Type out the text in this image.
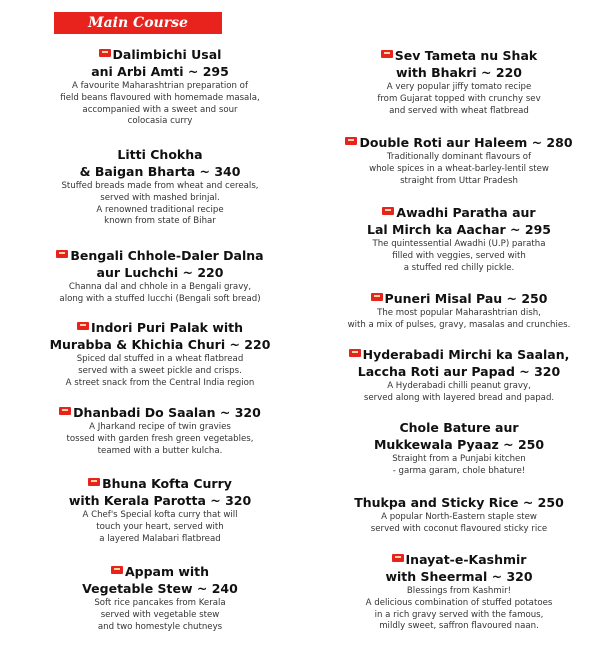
Main Course
Dalimbichi Usal
ani Arbi Amti ~ 295
A favourite Maharashtrian preparation of
field beans flavoured with homemade masala,
accompanied with a sweet and sour
colocasia curry
Litti Chokha
& Baigan Bharta ~ 340
Stuffed breads made from wheat and cereals,
served with mashed brinjal.
A renowned traditional recipe
known from state of Bihar
Bengali Chhole-Daler Dalna
aur Luchchi ~ 220
Channa dal and chhole in a Bengali gravy,
along with a stuffed lucchi (Bengali soft bread)
Indori Puri Palak with
Murabba & Khichia Churi ~ 220
Spiced dal stuffed in a wheat flatbread
served with a sweet pickle and crisps.
A street snack from the Central India region
Dhanbadi Do Saalan ~ 320
A Jharkand recipe of twin gravies
tossed with garden fresh green vegetables,
teamed with a butter kulcha.
Bhuna Kofta Curry
with Kerala Parotta ~ 320
A Chef's Special kofta curry that will
touch your heart, served with
a layered Malabari flatbread
Appam with
Vegetable Stew ~ 240
Soft rice pancakes from Kerala
served with vegetable stew
and two homestyle chutneys
Sev Tameta nu Shak
with Bhakri ~ 220
A very popular jiffy tomato recipe
from Gujarat topped with crunchy sev
and served with wheat flatbread
Double Roti aur Haleem ~ 280
Traditionally dominant flavours of
whole spices in a wheat-barley-lentil stew
straight from Uttar Pradesh
Awadhi Paratha aur
Lal Mirch ka Aachar ~ 295
The quintessential Awadhi (U.P) paratha
filled with veggies, served with
a stuffed red chilly pickle.
Puneri Misal Pau ~ 250
The most popular Maharashtrian dish,
with a mix of pulses, gravy, masalas and crunchies.
Hyderabadi Mirchi ka Saalan,
Laccha Roti aur Papad ~ 320
A Hyderabadi chilli peanut gravy,
served along with layered bread and papad.
Chole Bature aur
Mukkewala Pyaaz ~ 250
Straight from a Punjabi kitchen
- garma garam, chole bhature!
Thukpa and Sticky Rice ~ 250
A popular North-Eastern staple stew
served with coconut flavoured sticky rice
Inayat-e-Kashmir
with Sheermal ~ 320
Blessings from Kashmir!
A delicious combination of stuffed potatoes
in a rich gravy served with the famous,
mildly sweet, saffron flavoured naan.
